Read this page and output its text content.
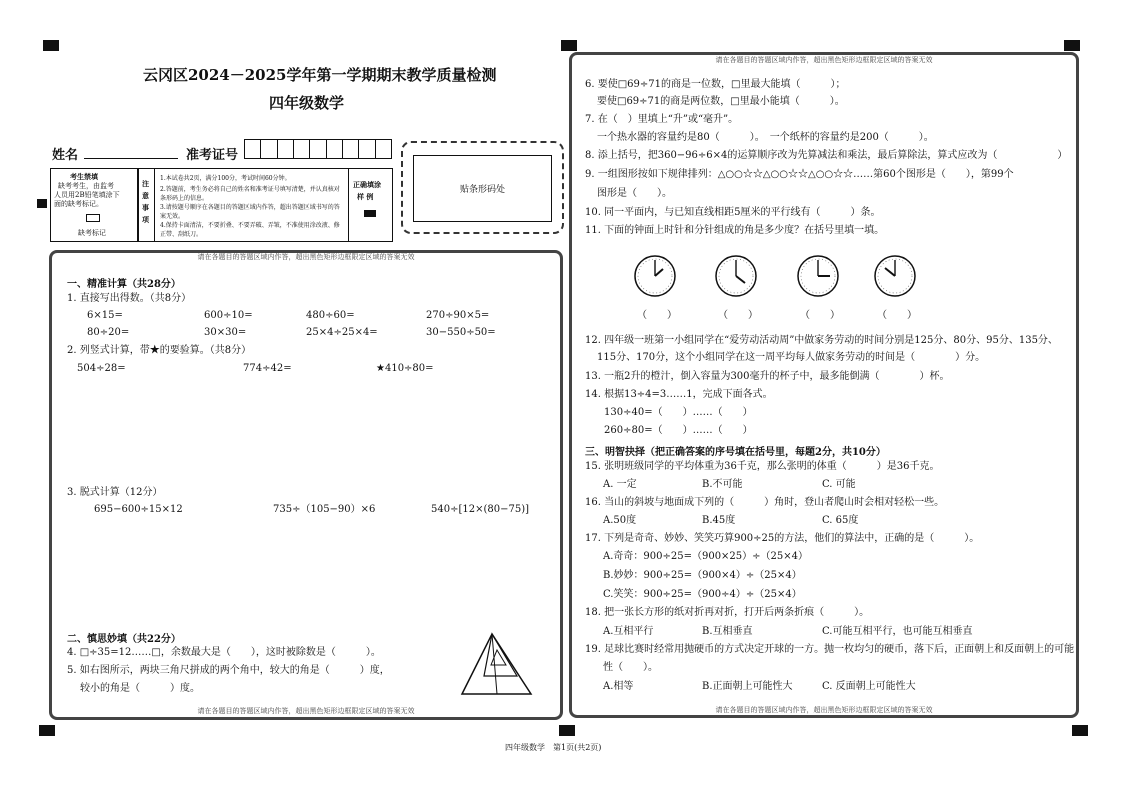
云冈区2024－2025学年第一学期期末教学质量检测
四年级数学
姓名	准考证号
考生禁填
缺考考生，由监考
人员用2B铅笔填涂下
面的缺考标记。
缺考标记
注意事项
1.本试卷共2页，满分100分，考试时间60分钟。
2.答题前，考生务必将自己的姓名和准考证号填写清楚，并认真核对条形码上的信息。
3.请按题号顺序在各题目的答题区域内作答，超出答题区域书写的答案无效。
4.保持卡面清洁，不要折叠、不要弄破、弄皱，不准使用涂改液、修正带、刮纸刀。
正确填涂
样 例
贴条形码处
请在各题目的答题区域内作答，超出黑色矩形边框限定区域的答案无效
请在各题目的答题区域内作答，超出黑色矩形边框限定区域的答案无效
一、精准计算（共28分）
1. 直接写出得数。（共8分）
6×15=	600÷10=	480÷60=	270÷90×5=
80÷20=	30×30=	25×4÷25×4=	30−550÷50=
2. 列竖式计算，带★的要验算。（共8分）
504÷28=	774÷42=	★410÷80=
3. 脱式计算（12分）
695−600÷15×12	735÷（105−90）×6	540÷[12×(80−75)]
二、慎思妙填（共22分）
4. □÷35=12……□，余数最大是（　　），这时被除数是（　　　）。
5. 如右图所示，两块三角尺拼成的两个角中，较大的角是（　　　）度，
较小的角是（　　　）度。
请在各题目的答题区域内作答，超出黑色矩形边框限定区域的答案无效
请在各题目的答题区域内作答，超出黑色矩形边框限定区域的答案无效
6. 要使□69÷71的商是一位数，□里最大能填（　　　）；
要使□69÷71的商是两位数，□里最小能填（　　　）。
7. 在（　）里填上“升”或“毫升”。
一个热水器的容量约是80（　　　）。　一个纸杯的容量约是200（　　　）。
8. 添上括号，把360−96÷6×4的运算顺序改为先算减法和乘法，最后算除法，算式应改为（　　　　　　）
9. 一组图形按如下规律排列：△○○☆☆△○○☆☆△○○☆☆……第60个图形是（　　），第99个
图形是（　　）。
10. 同一平面内，与已知直线相距5厘米的平行线有（　　　）条。
11. 下面的钟面上时针和分针组成的角是多少度？在括号里填一填。
（　　）	（　　）	（　　）	（　　）
12. 四年级一班第一小组同学在“爱劳动活动周”中做家务劳动的时间分别是125分、80分、95分、135分、
115分、170分，这个小组同学在这一周平均每人做家务劳动的时间是（　　　　）分。
13. 一瓶2升的橙汁，倒入容量为300毫升的杯子中，最多能倒满（　　　　）杯。
14. 根据13÷4=3……1，完成下面各式。
130÷40=（　　）……（　　）
260÷80=（　　）……（　　）
三、明智抉择（把正确答案的序号填在括号里，每题2分，共10分）
15. 张明班级同学的平均体重为36千克，那么张明的体重（　　　）是36千克。
A. 一定	B.不可能	C. 可能
16. 当山的斜坡与地面成下列的（　　　）角时，登山者爬山时会相对轻松一些。
A.50度	B.45度	C. 65度
17. 下列是奇奇、妙妙、笑笑巧算900÷25的方法，他们的算法中，正确的是（　　　）。
A.奇奇：900÷25=（900×25）÷（25×4）
B.妙妙：900÷25=（900×4）÷（25×4）
C.笑笑：900÷25=（900÷4）÷（25×4）
18. 把一张长方形的纸对折再对折，打开后两条折痕（　　　）。
A.互相平行	B.互相垂直	C.可能互相平行，也可能互相垂直
19. 足球比赛时经常用抛硬币的方式决定开球的一方。抛一枚均匀的硬币，落下后，正面朝上和反面朝上的可能
性（　　）。
A.相等	B.正面朝上可能性大	C. 反面朝上可能性大
四年级数学　第1页(共2页)
